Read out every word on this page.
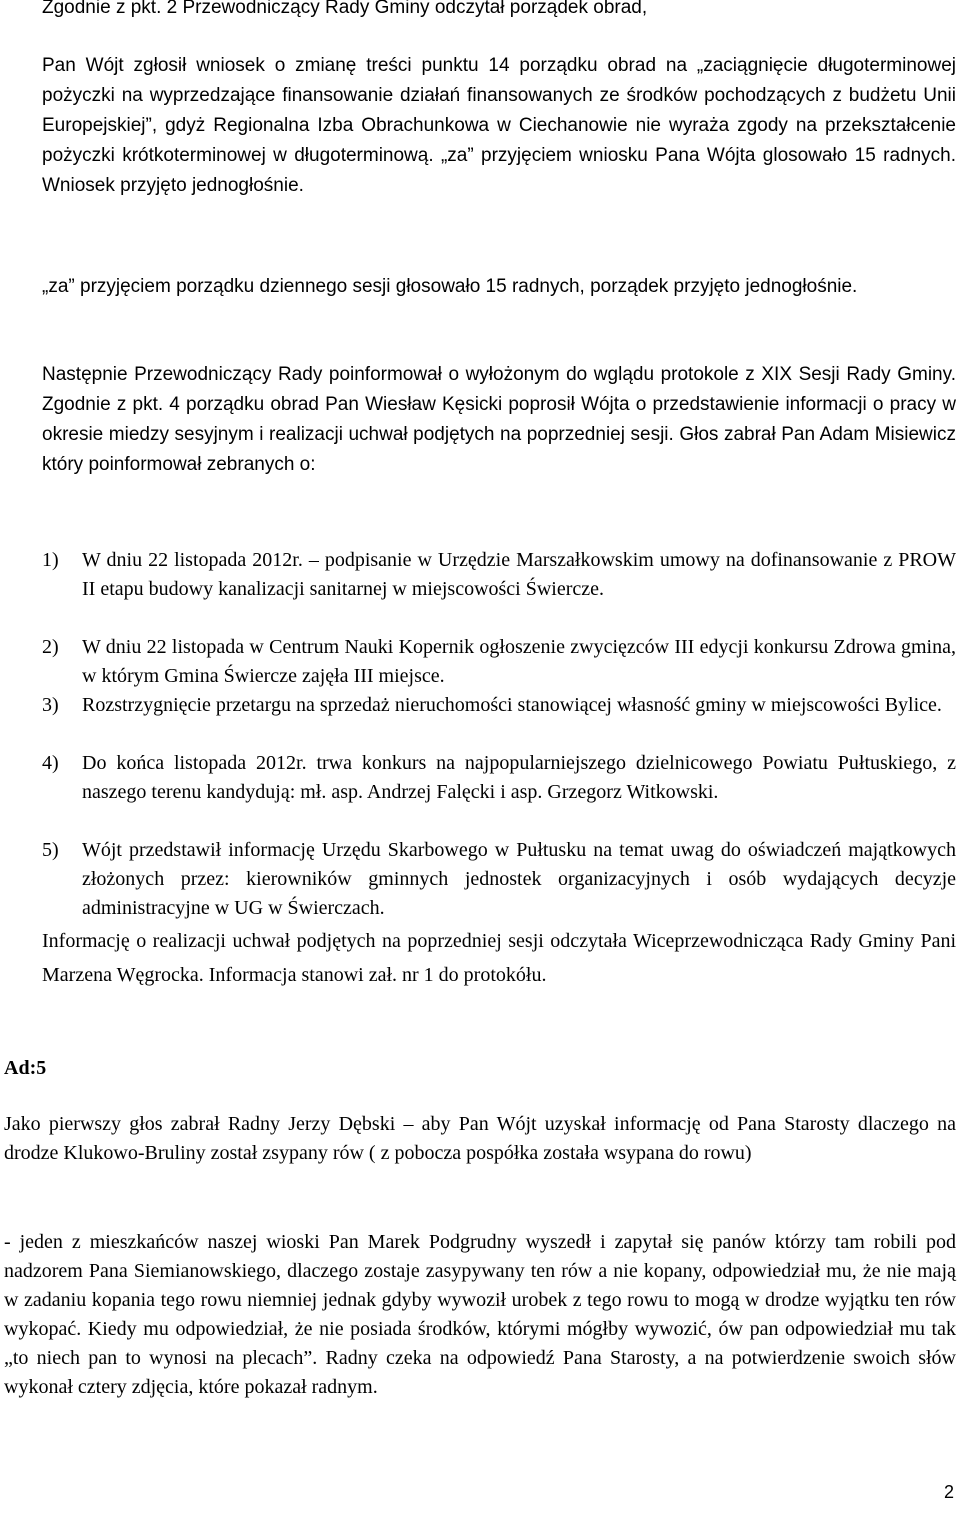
Zgodnie z pkt. 2 Przewodniczący Rady Gminy odczytał porządek obrad,

Pan Wójt zgłosił wniosek o zmianę treści punktu 14 porządku obrad na „zaciągnięcie długoterminowej pożyczki na wyprzedzające finansowanie działań finansowanych ze środków pochodzących z budżetu Unii Europejskiej”, gdyż Regionalna Izba Obrachunkowa w Ciechanowie nie wyraża zgody na przekształcenie pożyczki krótkoterminowej w długoterminową. „za” przyjęciem wniosku Pana Wójta glosowało 15 radnych. Wniosek przyjęto jednogłośnie.

„za” przyjęciem porządku dziennego sesji głosowało 15 radnych, porządek przyjęto jednogłośnie.

Następnie Przewodniczący Rady poinformował o wyłożonym do wglądu protokole z XIX Sesji Rady Gminy. Zgodnie z pkt. 4 porządku obrad Pan Wiesław Kęsicki poprosił Wójta o przedstawienie informacji o pracy w okresie miedzy sesyjnym i realizacji uchwał podjętych na poprzedniej sesji. Głos zabrał Pan Adam Misiewicz który poinformował zebranych o:

1)	W dniu 22 listopada 2012r. – podpisanie w Urzędzie Marszałkowskim umowy na dofinansowanie z PROW II etapu budowy kanalizacji sanitarnej w miejscowości Świercze.
2)	W dniu 22 listopada w Centrum Nauki Kopernik ogłoszenie zwycięzców III edycji konkursu Zdrowa gmina, w którym Gmina Świercze zajęła III miejsce.
3)	Rozstrzygnięcie przetargu na sprzedaż nieruchomości stanowiącej własność gminy w miejscowości Bylice.
4)	Do końca listopada 2012r. trwa konkurs na najpopularniejszego dzielnicowego Powiatu Pułtuskiego, z naszego terenu kandydują: mł. asp. Andrzej Falęcki i asp. Grzegorz Witkowski.
5)	Wójt przedstawił informację Urzędu Skarbowego w Pułtusku na temat uwag do oświadczeń majątkowych złożonych przez: kierowników gminnych jednostek organizacyjnych i osób wydających decyzje administracyjne w UG w Świerczach.

Informację o realizacji uchwał podjętych na poprzedniej sesji odczytała Wiceprzewodnicząca Rady Gminy Pani Marzena Węgrocka. Informacja stanowi zał. nr 1 do protokółu.

Ad:5

Jako pierwszy głos zabrał Radny Jerzy Dębski – aby Pan Wójt uzyskał informację od Pana Starosty dlaczego na drodze Klukowo-Bruliny został zsypany rów ( z pobocza pospółka została wsypana do rowu)

- jeden z mieszkańców naszej wioski Pan Marek Podgrudny wyszedł i zapytał się panów którzy tam robili pod nadzorem Pana Siemianowskiego, dlaczego zostaje zasypywany ten rów a nie kopany, odpowiedział mu, że nie mają w zadaniu kopania tego rowu niemniej jednak gdyby wywoził urobek z tego rowu to mogą w drodze wyjątku ten rów wykopać. Kiedy mu odpowiedział, że nie posiada środków, którymi mógłby wywozić, ów pan odpowiedział mu tak „to niech pan to wynosi na plecach”. Radny czeka na odpowiedź Pana Starosty, a na potwierdzenie swoich słów wykonał cztery zdjęcia, które pokazał radnym.

2
